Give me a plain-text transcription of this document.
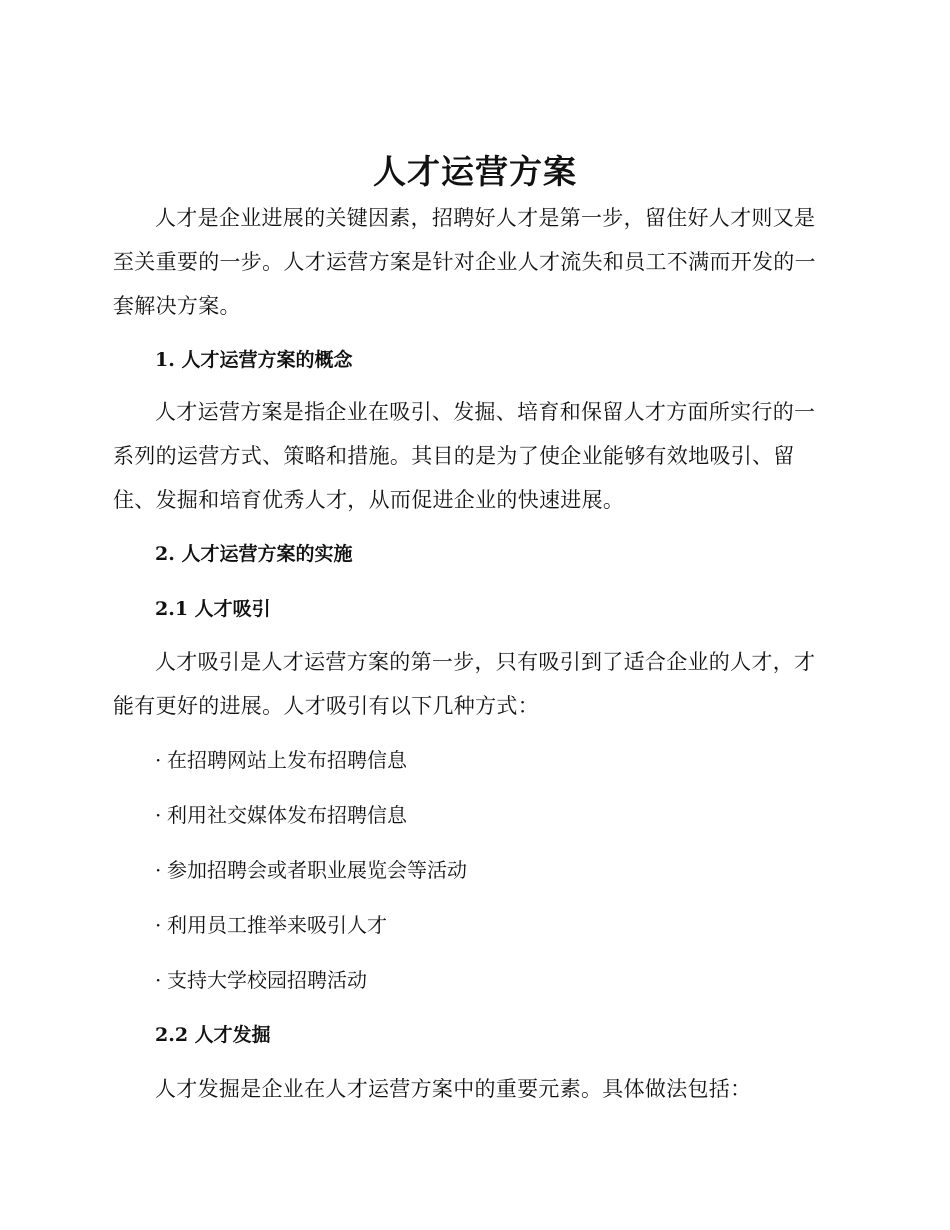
人才运营方案

人才是企业进展的关键因素，招聘好人才是第一步，留住好人才则又是至关重要的一步。人才运营方案是针对企业人才流失和员工不满而开发的一套解决方案。

1. 人才运营方案的概念

人才运营方案是指企业在吸引、发掘、培育和保留人才方面所实行的一系列的运营方式、策略和措施。其目的是为了使企业能够有效地吸引、留住、发掘和培育优秀人才，从而促进企业的快速进展。

2. 人才运营方案的实施
2.1 人才吸引

人才吸引是人才运营方案的第一步，只有吸引到了适合企业的人才，才能有更好的进展。人才吸引有以下几种方式：

· 在招聘网站上发布招聘信息
· 利用社交媒体发布招聘信息
· 参加招聘会或者职业展览会等活动
· 利用员工推举来吸引人才
· 支持大学校园招聘活动
2.2 人才发掘

人才发掘是企业在人才运营方案中的重要元素。具体做法包括：
